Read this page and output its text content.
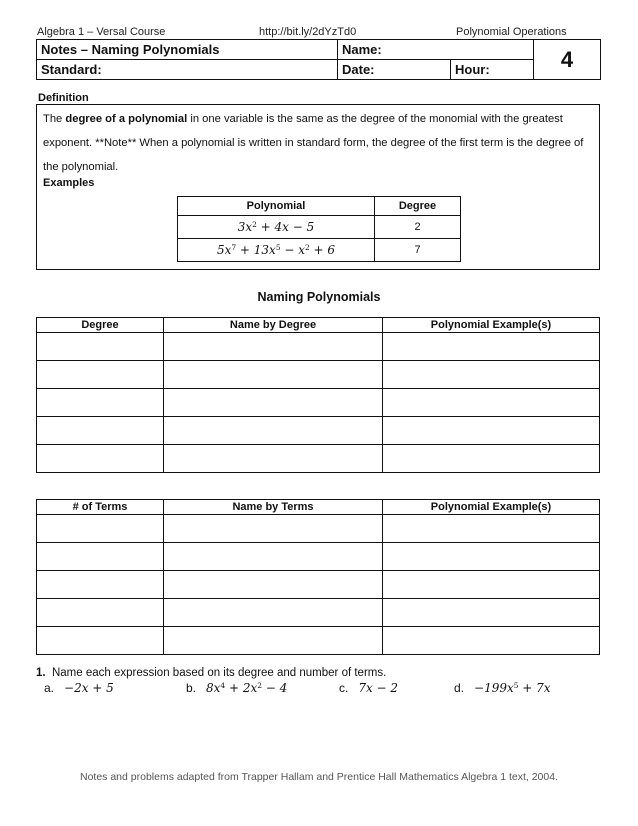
Algebra 1 – Versal Course	http://bit.ly/2dYzTd0	Polynomial Operations
Notes – Naming Polynomials	Name:		4
Standard:	Date:	Hour:	
Definition
The degree of a polynomial in one variable is the same as the degree of the monomial with the greatest exponent. **Note** When a polynomial is written in standard form, the degree of the first term is the degree of the polynomial.
Examples
Polynomial	Degree
$3x^2 + 4x - 5$	2
$5x^7 + 13x^5 - x^2 + 6$	7
Naming Polynomials
Degree	Name by Degree	Polynomial Example(s)

# of Terms	Name by Terms	Polynomial Example(s)

1. Name each expression based on its degree and number of terms.
a. −2x + 5	b. $8x^4 + 2x^2 - 4$	c. 7x − 2	d. $-199x^5 + 7x$
Notes and problems adapted from Trapper Hallam and Prentice Hall Mathematics Algebra 1 text, 2004.
